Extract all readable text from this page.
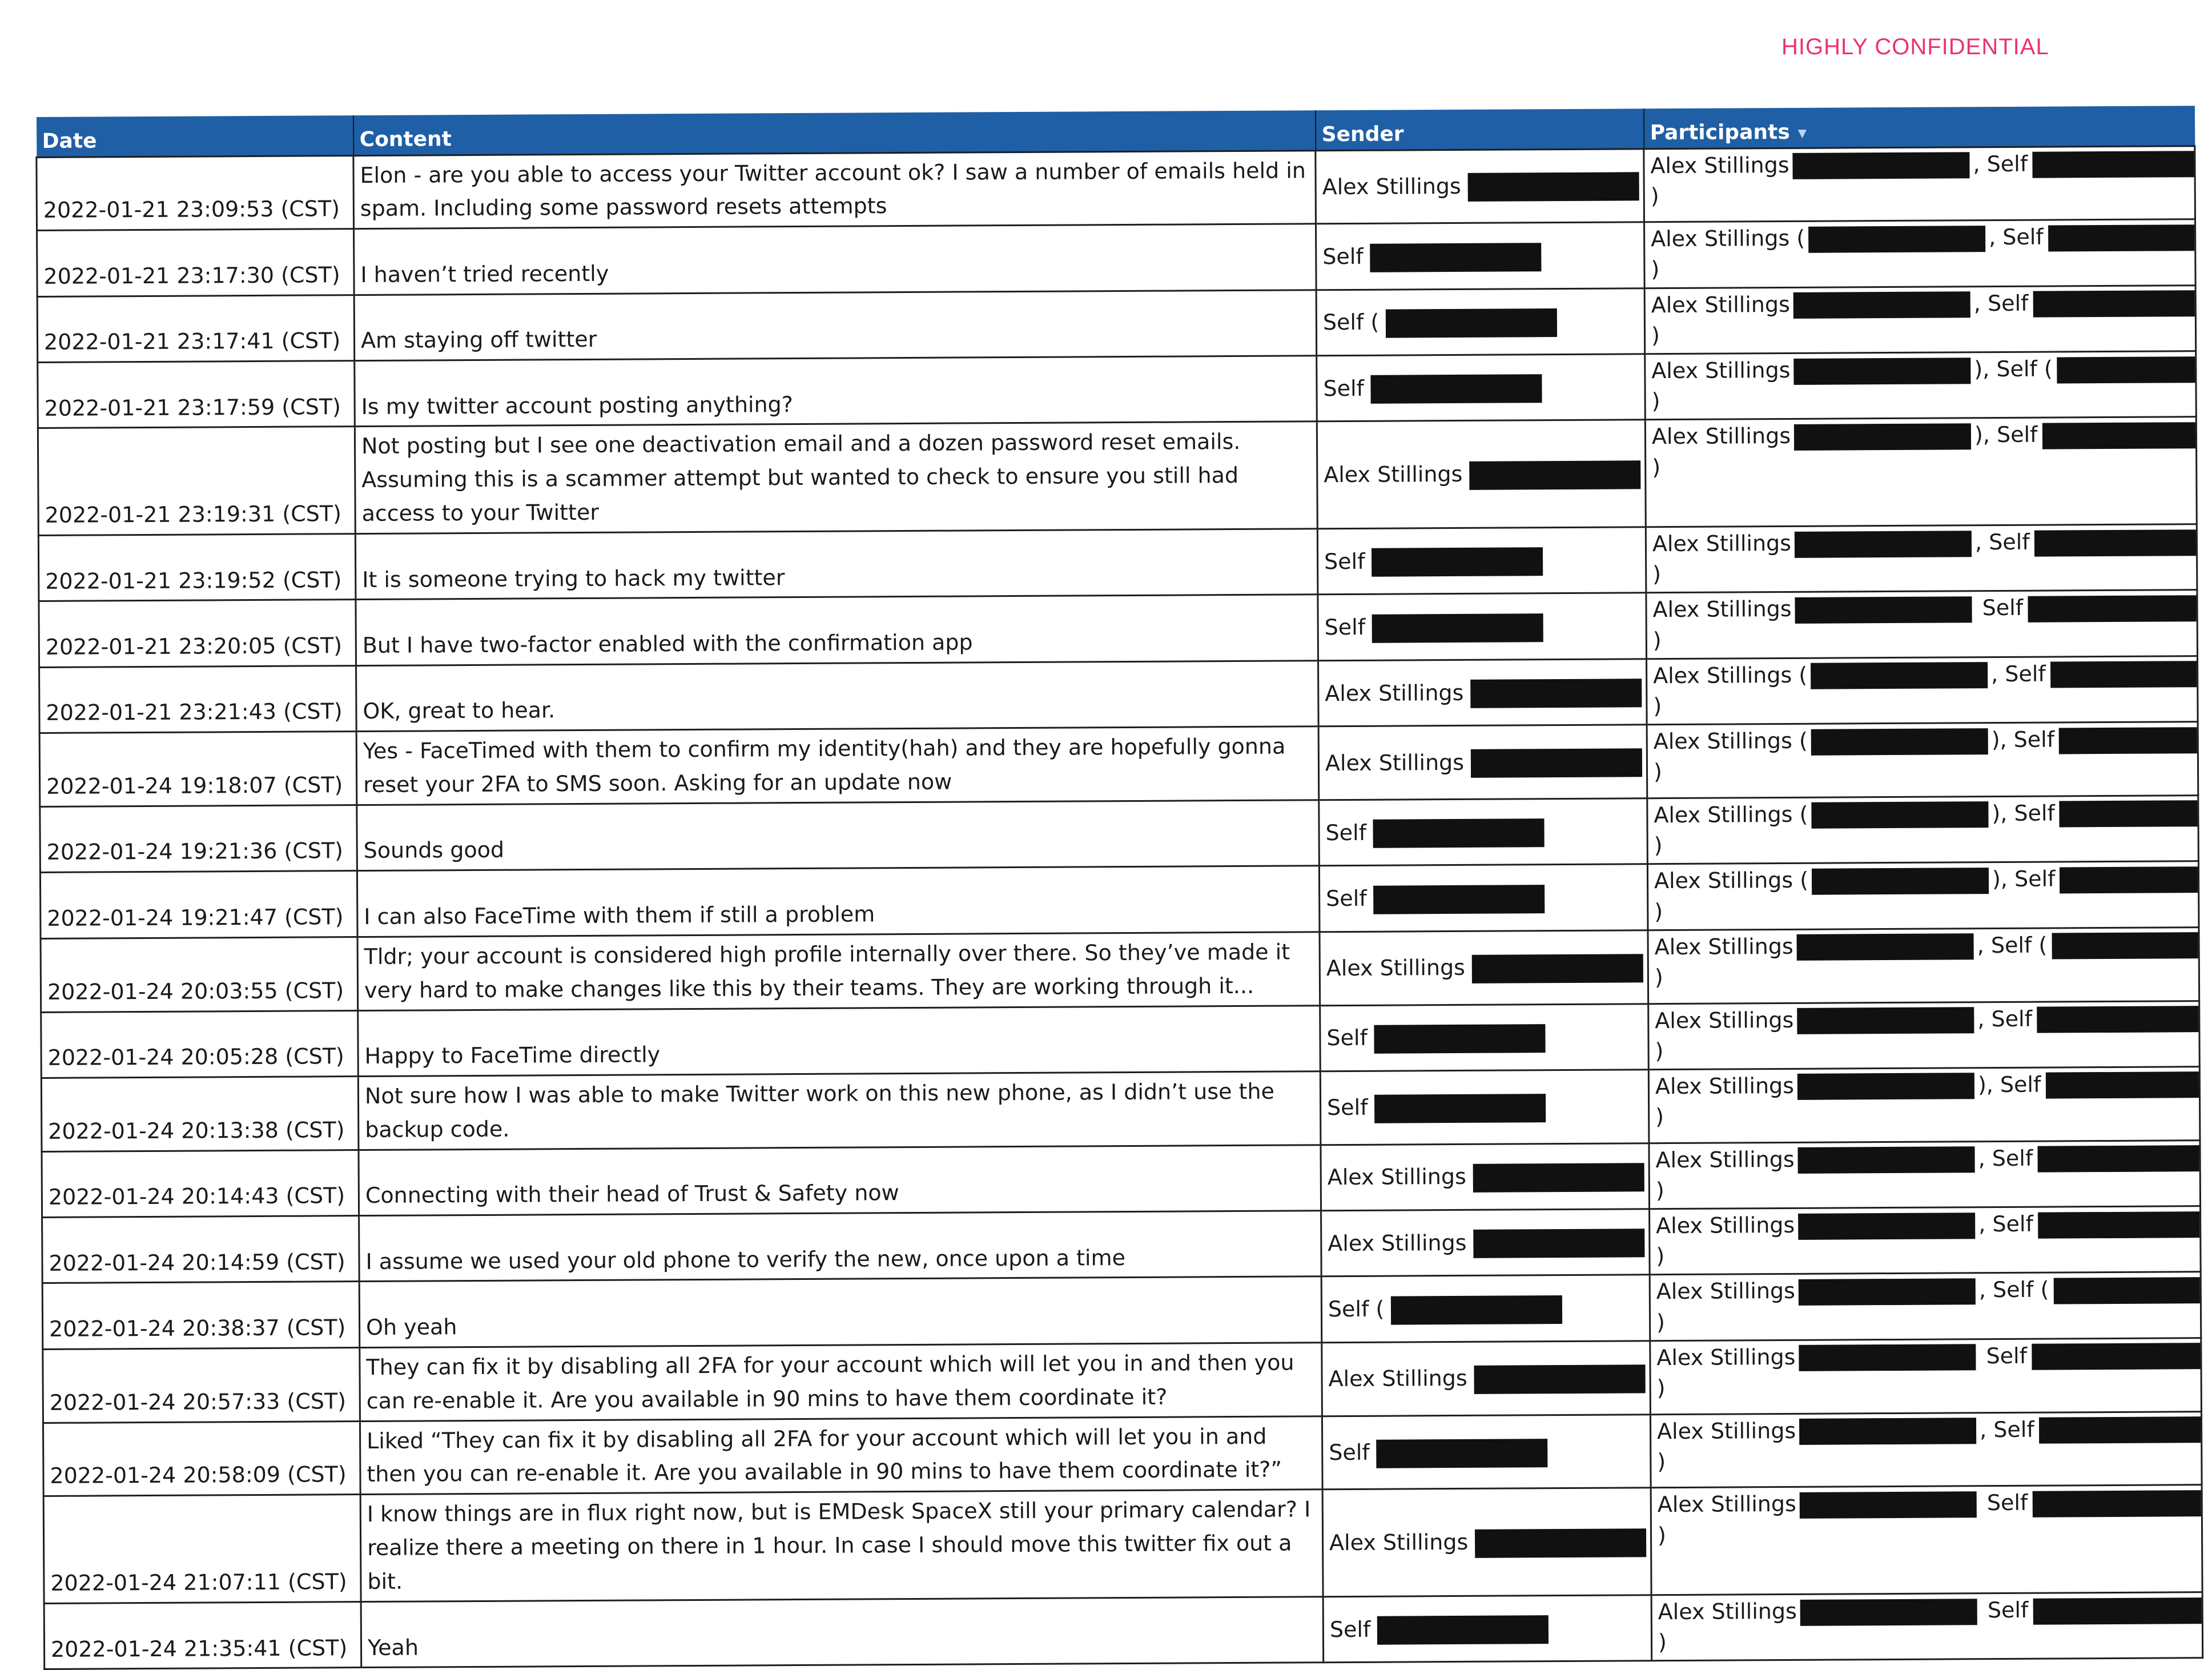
HIGHLY CONFIDENTIAL
Date	Content	Sender	Participants ▼
2022-01-21 23:09:53 (CST)	Elon - are you able to access your Twitter account ok? I saw a number of emails held in spam. Including some password resets attempts	Alex Stillings	Alex Stillings , Self
)

2022-01-21 23:17:30 (CST)	I haven’t tried recently	Self	Alex Stillings ( , Self
)

2022-01-21 23:17:41 (CST)	Am staying off twitter	Self (	Alex Stillings , Self
)

2022-01-21 23:17:59 (CST)	Is my twitter account posting anything?	Self	Alex Stillings ), Self (
)

2022-01-21 23:19:31 (CST)	Not posting but I see one deactivation email and a dozen password reset emails. Assuming this is a scammer attempt but wanted to check to ensure you still had access to your Twitter	Alex Stillings	Alex Stillings ), Self
)

2022-01-21 23:19:52 (CST)	It is someone trying to hack my twitter	Self	Alex Stillings , Self
)

2022-01-21 23:20:05 (CST)	But I have two-factor enabled with the confirmation app	Self	Alex Stillings Self
)

2022-01-21 23:21:43 (CST)	OK, great to hear.	Alex Stillings	Alex Stillings ( , Self
)

2022-01-24 19:18:07 (CST)	Yes - FaceTimed with them to confirm my identity(hah) and they are hopefully gonna reset your 2FA to SMS soon. Asking for an update now	Alex Stillings	Alex Stillings ( ), Self
)

2022-01-24 19:21:36 (CST)	Sounds good	Self	Alex Stillings ( ), Self
)

2022-01-24 19:21:47 (CST)	I can also FaceTime with them if still a problem	Self	Alex Stillings ( ), Self
)

2022-01-24 20:03:55 (CST)	Tldr; your account is considered high profile internally over there. So they’ve made it very hard to make changes like this by their teams. They are working through it...	Alex Stillings	Alex Stillings , Self (
)

2022-01-24 20:05:28 (CST)	Happy to FaceTime directly	Self	Alex Stillings , Self
)

2022-01-24 20:13:38 (CST)	Not sure how I was able to make Twitter work on this new phone, as I didn’t use the backup code.	Self	Alex Stillings ), Self
)

2022-01-24 20:14:43 (CST)	Connecting with their head of Trust & Safety now	Alex Stillings	Alex Stillings , Self
)

2022-01-24 20:14:59 (CST)	I assume we used your old phone to verify the new, once upon a time	Alex Stillings	Alex Stillings , Self
)

2022-01-24 20:38:37 (CST)	Oh yeah	Self (	Alex Stillings , Self (
)

2022-01-24 20:57:33 (CST)	They can fix it by disabling all 2FA for your account which will let you in and then you can re-enable it. Are you available in 90 mins to have them coordinate it?	Alex Stillings	Alex Stillings Self
)

2022-01-24 20:58:09 (CST)	Liked “They can fix it by disabling all 2FA for your account which will let you in and then you can re-enable it. Are you available in 90 mins to have them coordinate it?”	Self	Alex Stillings , Self
)

2022-01-24 21:07:11 (CST)	I know things are in flux right now, but is EMDesk SpaceX still your primary calendar? I realize there a meeting on there in 1 hour. In case I should move this twitter fix out a bit.	Alex Stillings	Alex Stillings Self
)

2022-01-24 21:35:41 (CST)	Yeah	Self	Alex Stillings Self
)
